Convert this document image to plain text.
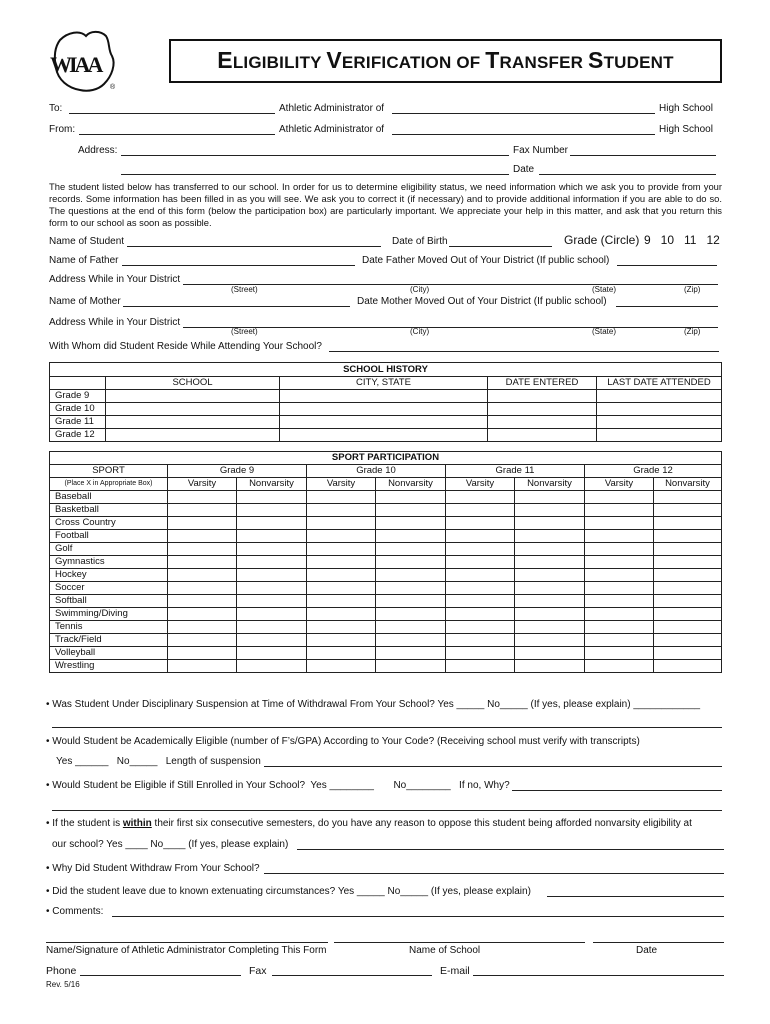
WIAA
®
ELIGIBILITY VERIFICATION OF TRANSFER STUDENT
To:	Athletic Administrator of	High School
From:	Athletic Administrator of	High School
Address:	Fax Number
Date
The student listed below has transferred to our school. In order for us to determine eligibility status, we need information which we ask you to provide from your records. Some information has been filled in as you will see. We ask you to correct it (if necessary) and to provide additional information if you are able to do so. The questions at the end of this form (below the participation box) are particularly important. We appreciate your help in this matter, and ask that you return this form to our school as soon as possible.
Name of Student	Date of Birth	Grade (Circle) 9   10   11   12
Name of Father	Date Father Moved Out of Your District (If public school)
Address While in Your District
(Street)	(City)	(State)	(Zip)
Name of Mother	Date Mother Moved Out of Your District (If public school)
Address While in Your District
(Street)	(City)	(State)	(Zip)
With Whom did Student Reside While Attending Your School?
SCHOOL HISTORY				
	SCHOOL	CITY, STATE	DATE ENTERED	LAST DATE ATTENDED
Grade 9				
Grade 10				
Grade 11				
Grade 12				
SPORT PARTICIPATION								
SPORT	Grade 9		Grade 10		Grade 11		Grade 12	
(Place X in Appropriate Box)	Varsity	Nonvarsity	Varsity	Nonvarsity	Varsity	Nonvarsity	Varsity	Nonvarsity
Baseball								
Basketball								
Cross Country								
Football								
Golf								
Gymnastics								
Hockey								
Soccer								
Softball								
Swimming/Diving								
Tennis								
Track/Field								
Volleyball								
Wrestling								
• Was Student Under Disciplinary Suspension at Time of Withdrawal From Your School? Yes _____ No_____ (If yes, please explain) ____________
• Would Student be Academically Eligible (number of F’s/GPA) According to Your Code? (Receiving school must verify with transcripts)
Yes ______   No_____   Length of suspension
• Would Student be Eligible if Still Enrolled in Your School?  Yes ________       No________   If no, Why?
• If the student is within their first six consecutive semesters, do you have any reason to oppose this student being afforded nonvarsity eligibility at
our school? Yes ____ No____ (If yes, please explain)
• Why Did Student Withdraw From Your School?
• Did the student leave due to known extenuating circumstances? Yes _____ No_____ (If yes, please explain)
• Comments:
Name/Signature of Athletic Administrator Completing This Form	Name of School	Date
Phone	Fax	E-mail
Rev. 5/16
